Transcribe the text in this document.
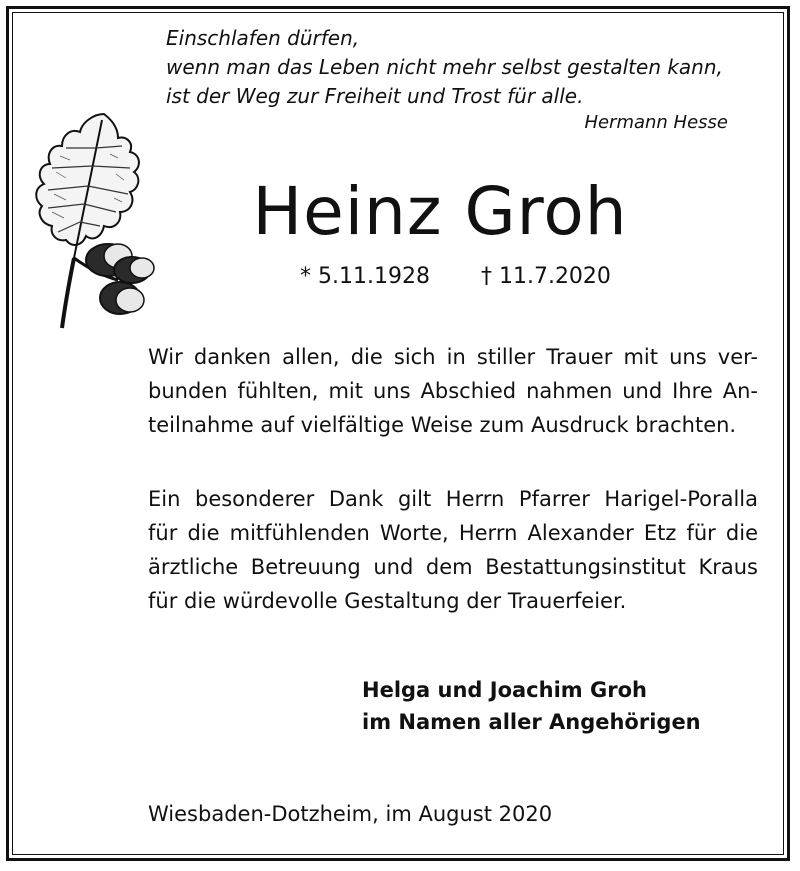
Einschlafen dürfen,
wenn man das Leben nicht mehr selbst gestalten kann,
ist der Weg zur Freiheit und Trost für alle.
Hermann Hesse
Heinz Groh
* 5.11.1928 † 11.7.2020
Wir danken allen, die sich in stiller Trauer mit uns ver-
bunden fühlten, mit uns Abschied nahmen und Ihre An-
teilnahme auf vielfältige Weise zum Ausdruck brachten.
Ein besonderer Dank gilt Herrn Pfarrer Harigel-Poralla
für die mitfühlenden Worte, Herrn Alexander Etz für die
ärztliche Betreuung und dem Bestattungsinstitut Kraus
für die würdevolle Gestaltung der Trauerfeier.
Helga und Joachim Groh
im Namen aller Angehörigen
Wiesbaden-Dotzheim, im August 2020
